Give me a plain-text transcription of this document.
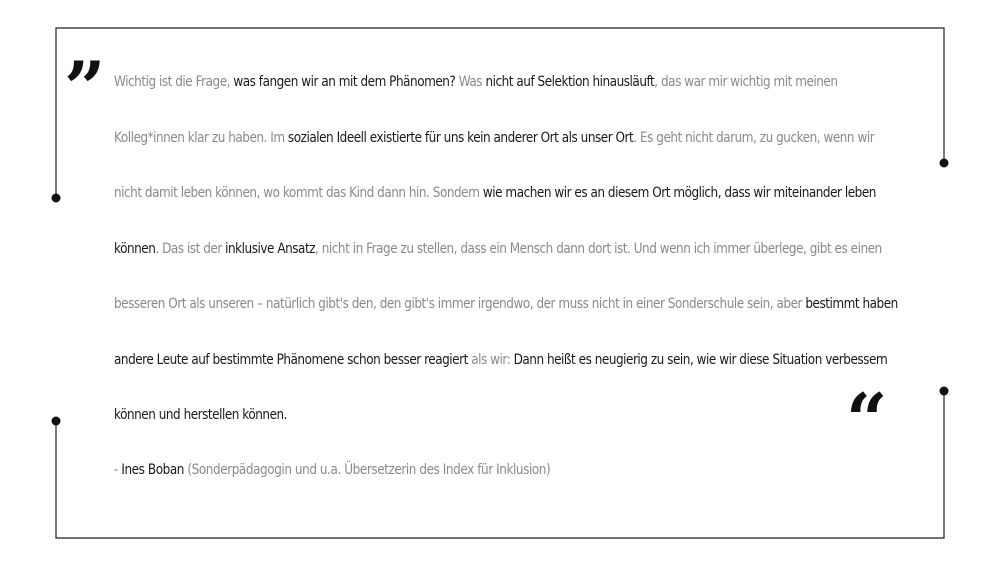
”
“
Wichtig ist die Frage, was fangen wir an mit dem Phänomen? Was nicht auf Selektion hinausläuft, das war mir wichtig mit meinen Kolleg*innen klar zu haben. Im sozialen Ideell existierte für uns kein anderer Ort als unser Ort. Es geht nicht darum, zu gucken, wenn wir nicht damit leben können, wo kommt das Kind dann hin. Sondern wie machen wir es an diesem Ort möglich, dass wir miteinander leben können. Das ist der inklusive Ansatz, nicht in Frage zu stellen, dass ein Mensch dann dort ist. Und wenn ich immer überlege, gibt es einen besseren Ort als unseren – natürlich gibt's den, den gibt's immer irgendwo, der muss nicht in einer Sonderschule sein, aber bestimmt haben andere Leute auf bestimmte Phänomene schon besser reagiert als wir: Dann heißt es neugierig zu sein, wie wir diese Situation verbessern können und herstellen können.
- Ines Boban (Sonderpädagogin und u.a. Übersetzerin des Index für Inklusion)
